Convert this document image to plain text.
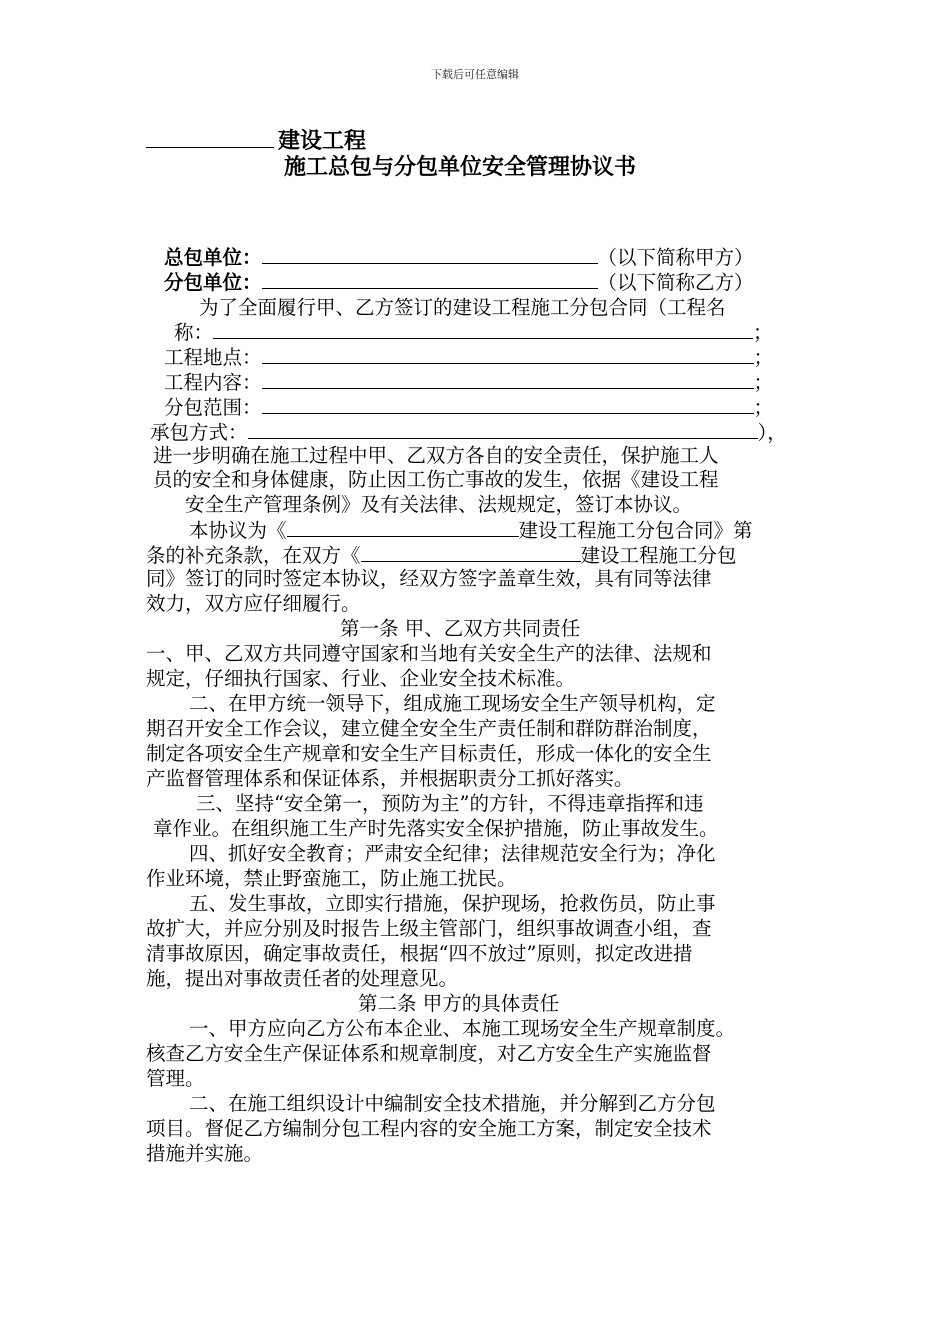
下载后可任意编辑
建设工程
施工总包与分包单位安全管理协议书
总包单位：	（以下简称甲方）
分包单位：	（以下简称乙方）
为了全面履行甲、乙方签订的建设工程施工分包合同（工程名
称：	；
工程地点：	；
工程内容：	；
分包范围：	；
承包方式：	），
进一步明确在施工过程中甲、乙双方各自的安全责任，保护施工人
员的安全和身体健康，防止因工伤亡事故的发生，依据《建设工程
安全生产管理条例》及有关法律、法规规定，签订本协议。
本协议为《	建设工程施工分包合同》第
条的补充条款，在双方《	建设工程施工分包
同》签订的同时签定本协议，经双方签字盖章生效，具有同等法律
效力，双方应仔细履行。
第一条 甲、乙双方共同责任
一、甲、乙双方共同遵守国家和当地有关安全生产的法律、法规和
规定，仔细执行国家、行业、企业安全技术标准。
二、在甲方统一领导下，组成施工现场安全生产领导机构，定
期召开安全工作会议，建立健全安全生产责任制和群防群治制度，
制定各项安全生产规章和安全生产目标责任，形成一体化的安全生
产监督管理体系和保证体系，并根据职责分工抓好落实。
三、坚持“安全第一，预防为主”的方针，不得违章指挥和违
章作业。在组织施工生产时先落实安全保护措施，防止事故发生。
四、抓好安全教育；严肃安全纪律；法律规范安全行为；净化
作业环境，禁止野蛮施工，防止施工扰民。
五、发生事故，立即实行措施，保护现场，抢救伤员，防止事
故扩大，并应分别及时报告上级主管部门，组织事故调查小组，查
清事故原因，确定事故责任，根据“四不放过”原则，拟定改进措
施，提出对事故责任者的处理意见。
第二条 甲方的具体责任
一、甲方应向乙方公布本企业、本施工现场安全生产规章制度。
核查乙方安全生产保证体系和规章制度，对乙方安全生产实施监督
管理。
二、在施工组织设计中编制安全技术措施，并分解到乙方分包
项目。督促乙方编制分包工程内容的安全施工方案，制定安全技术
措施并实施。
